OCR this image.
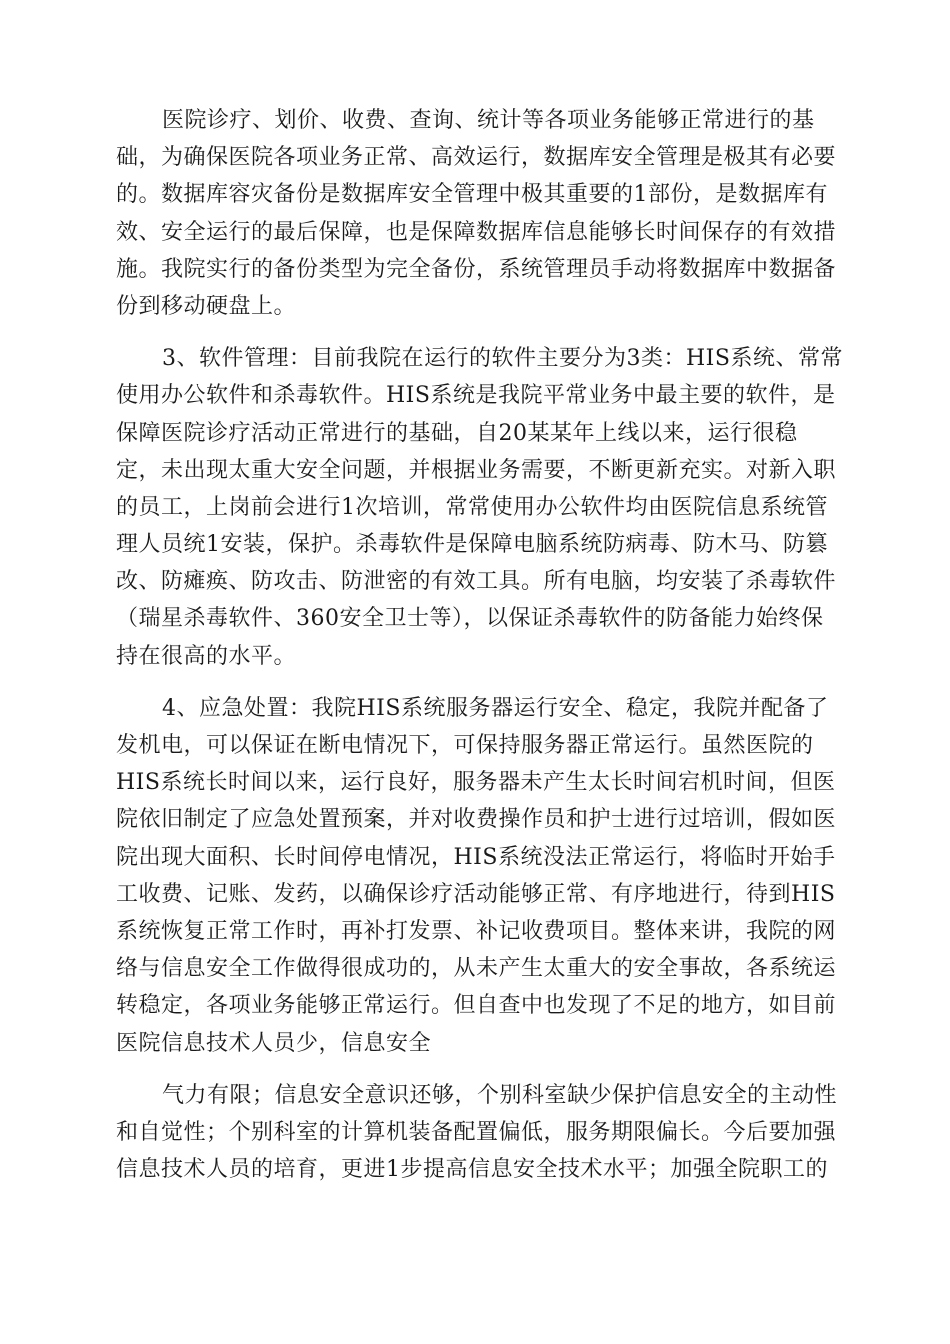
医院诊疗、划价、收费、查询、统计等各项业务能够正常进行的基
础，为确保医院各项业务正常、高效运行，数据库安全管理是极其有必要
的。数据库容灾备份是数据库安全管理中极其重要的1部份，是数据库有
效、安全运行的最后保障，也是保障数据库信息能够长时间保存的有效措
施。我院实行的备份类型为完全备份，系统管理员手动将数据库中数据备
份到移动硬盘上。
3、软件管理：目前我院在运行的软件主要分为3类：HIS系统、常常
使用办公软件和杀毒软件。HIS系统是我院平常业务中最主要的软件，是
保障医院诊疗活动正常进行的基础，自20某某年上线以来，运行很稳
定，未出现太重大安全问题，并根据业务需要，不断更新充实。对新入职
的员工，上岗前会进行1次培训，常常使用办公软件均由医院信息系统管
理人员统1安装，保护。杀毒软件是保障电脑系统防病毒、防木马、防篡
改、防瘫痪、防攻击、防泄密的有效工具。所有电脑，均安装了杀毒软件
（瑞星杀毒软件、360安全卫士等），以保证杀毒软件的防备能力始终保
持在很高的水平。
4、应急处置：我院HIS系统服务器运行安全、稳定，我院并配备了
发机电，可以保证在断电情况下，可保持服务器正常运行。虽然医院的
HIS系统长时间以来，运行良好，服务器未产生太长时间宕机时间，但医
院依旧制定了应急处置预案，并对收费操作员和护士进行过培训，假如医
院出现大面积、长时间停电情况，HIS系统没法正常运行，将临时开始手
工收费、记账、发药，以确保诊疗活动能够正常、有序地进行，待到HIS
系统恢复正常工作时，再补打发票、补记收费项目。整体来讲，我院的网
络与信息安全工作做得很成功的，从未产生太重大的安全事故，各系统运
转稳定，各项业务能够正常运行。但自查中也发现了不足的地方，如目前
医院信息技术人员少，信息安全
气力有限；信息安全意识还够，个别科室缺少保护信息安全的主动性
和自觉性；个别科室的计算机装备配置偏低，服务期限偏长。今后要加强
信息技术人员的培育，更进1步提高信息安全技术水平；加强全院职工的
